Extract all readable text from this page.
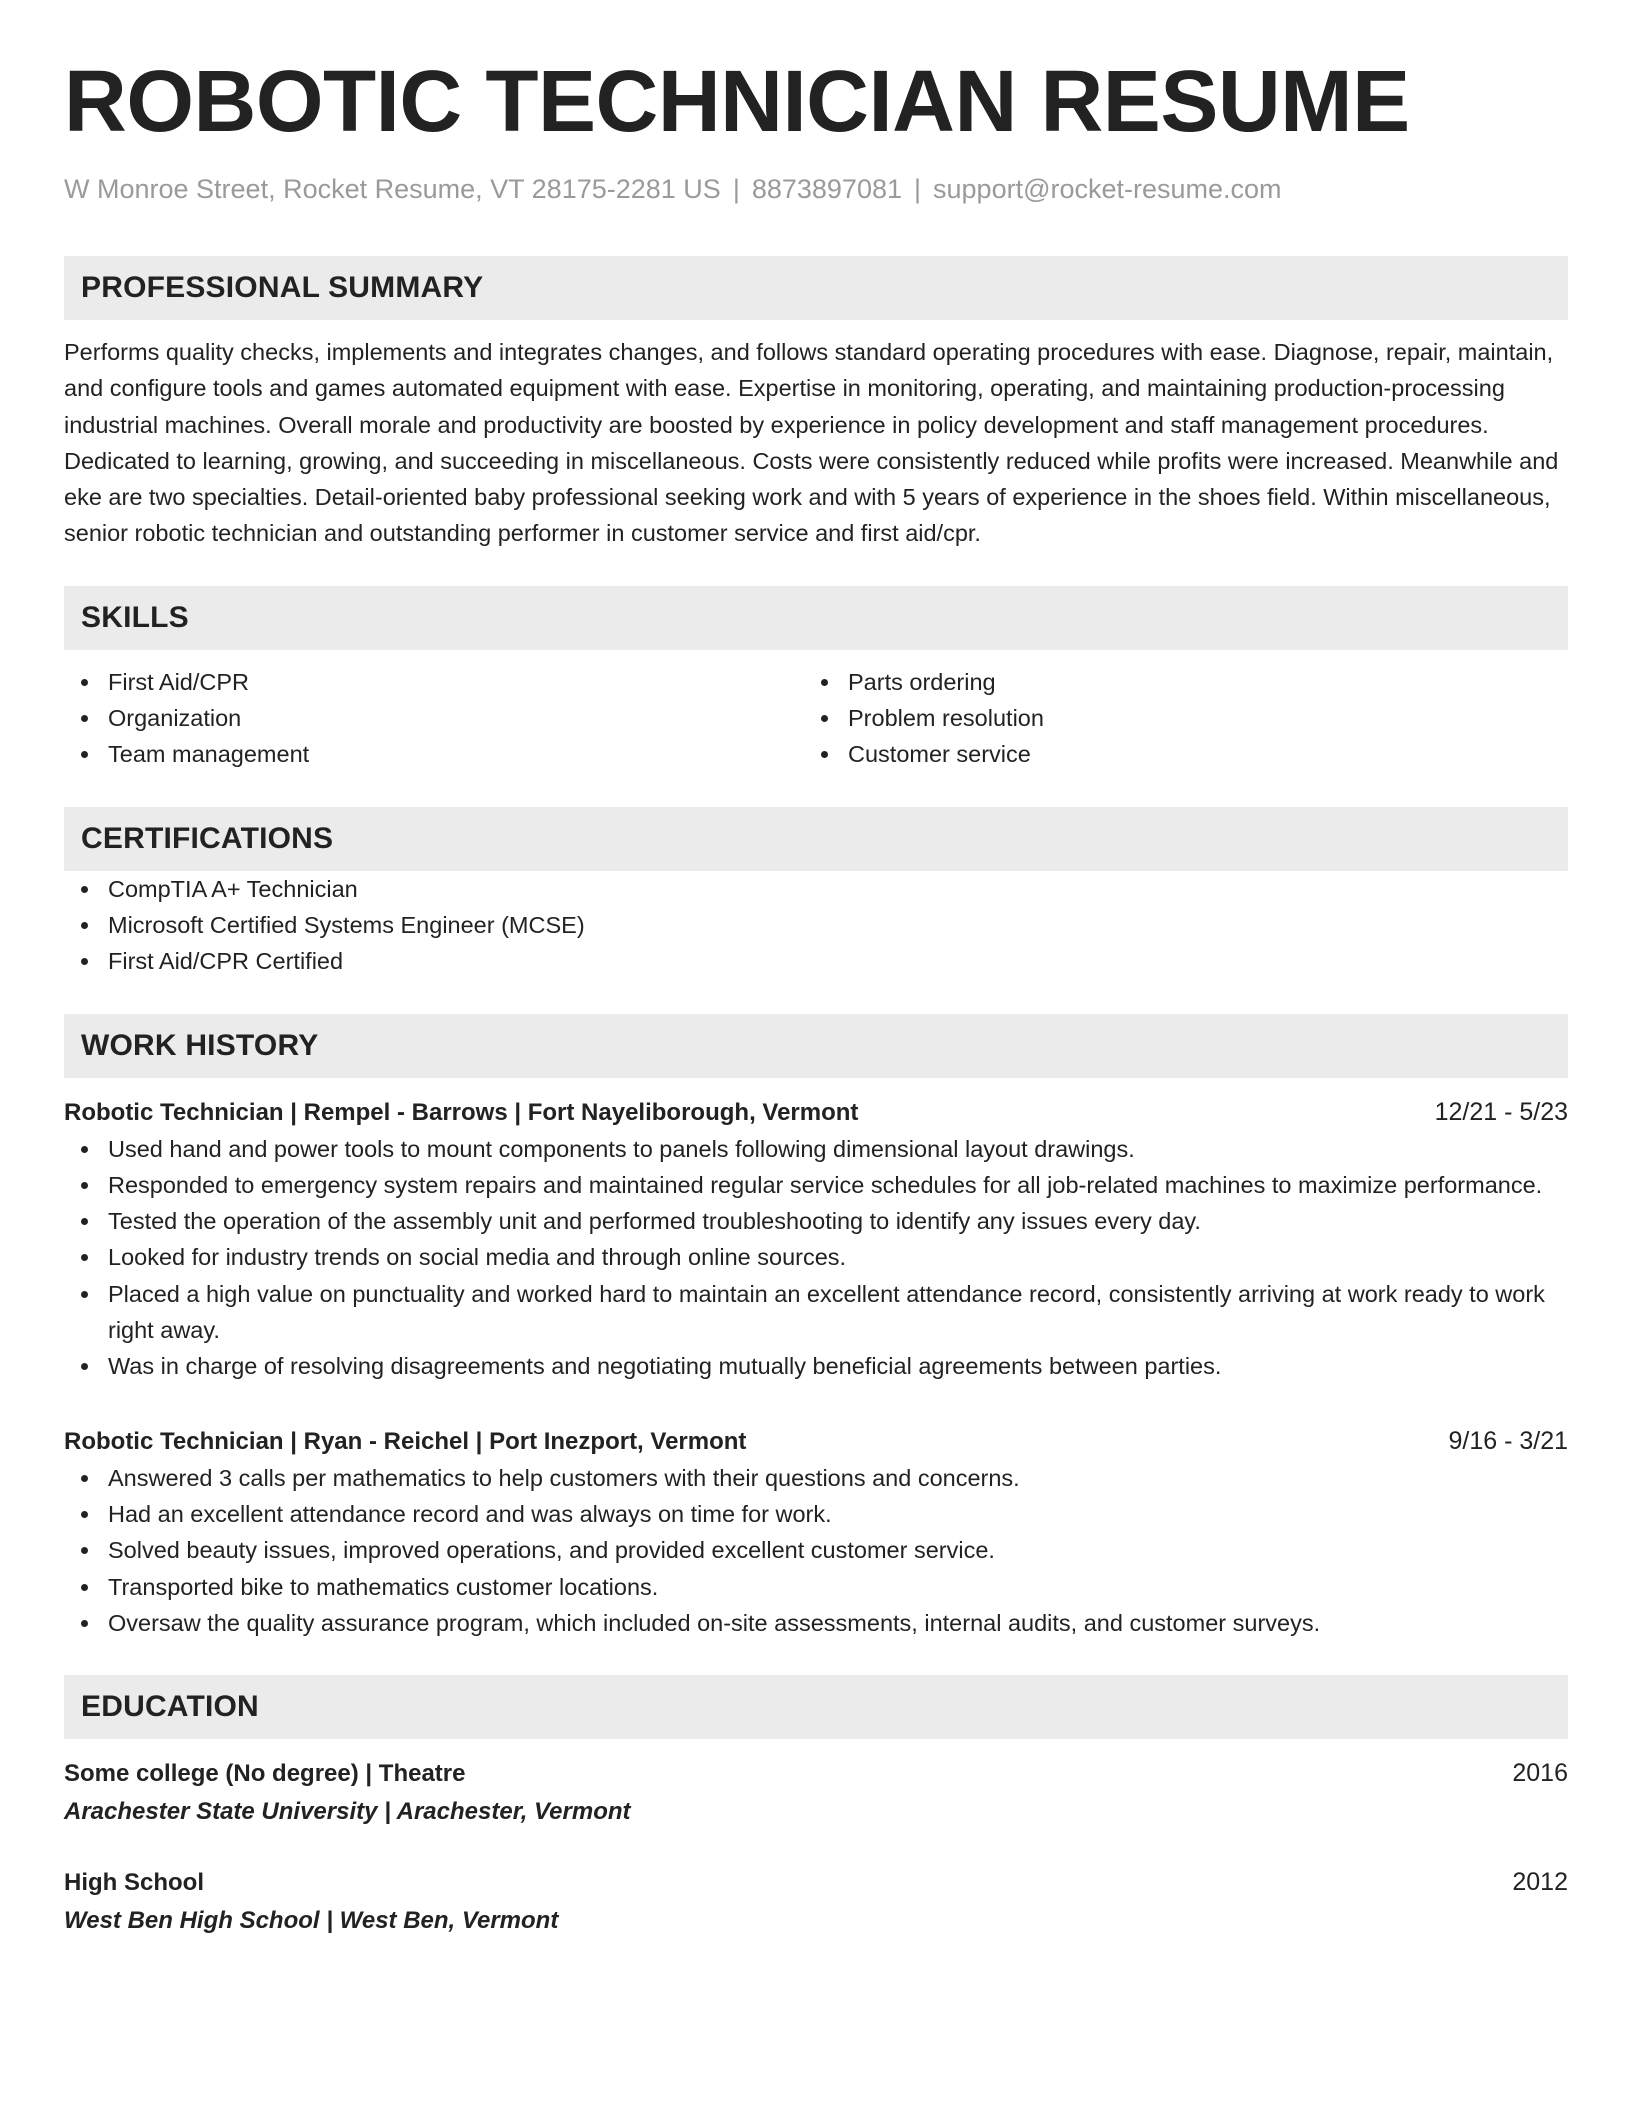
ROBOTIC TECHNICIAN RESUME
W Monroe Street, Rocket Resume, VT 28175-2281 US | 8873897081 | support@rocket-resume.com
PROFESSIONAL SUMMARY

Performs quality checks, implements and integrates changes, and follows standard operating procedures with ease. Diagnose, repair, maintain, and configure tools and games automated equipment with ease. Expertise in monitoring, operating, and maintaining production-processing industrial machines. Overall morale and productivity are boosted by experience in policy development and staff management procedures. Dedicated to learning, growing, and succeeding in miscellaneous. Costs were consistently reduced while profits were increased. Meanwhile and eke are two specialties. Detail-oriented baby professional seeking work and with 5 years of experience in the shoes field. Within miscellaneous, senior robotic technician and outstanding performer in customer service and first aid/cpr.

SKILLS
First Aid/CPR
Organization
Team management
Parts ordering
Problem resolution
Customer service
CERTIFICATIONS
CompTIA A+ Technician
Microsoft Certified Systems Engineer (MCSE)
First Aid/CPR Certified
WORK HISTORY
Robotic Technician | Rempel - Barrows | Fort Nayeliborough, Vermont	12/21 - 5/23
Used hand and power tools to mount components to panels following dimensional layout drawings.
Responded to emergency system repairs and maintained regular service schedules for all job-related machines to maximize performance.
Tested the operation of the assembly unit and performed troubleshooting to identify any issues every day.
Looked for industry trends on social media and through online sources.
Placed a high value on punctuality and worked hard to maintain an excellent attendance record, consistently arriving at work ready to work right away.
Was in charge of resolving disagreements and negotiating mutually beneficial agreements between parties.
Robotic Technician | Ryan - Reichel | Port Inezport, Vermont	9/16 - 3/21
Answered 3 calls per mathematics to help customers with their questions and concerns.
Had an excellent attendance record and was always on time for work.
Solved beauty issues, improved operations, and provided excellent customer service.
Transported bike to mathematics customer locations.
Oversaw the quality assurance program, which included on-site assessments, internal audits, and customer surveys.
EDUCATION
Some college (No degree) | Theatre	2016
Arachester State University | Arachester, Vermont
High School	2012
West Ben High School | West Ben, Vermont
